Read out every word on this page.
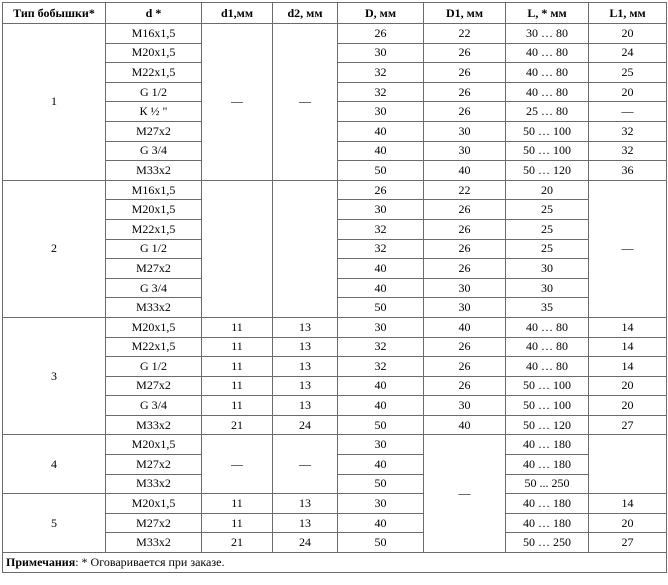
Тип бобышки*	d *	d1,мм	d2, мм	D, мм	D1, мм	L, * мм	L1, мм
1	M16x1,5	—	—	26	22	30 … 80	20
	M20x1,5			30	26	40 … 80	24
	M22x1,5			32	26	40 … 80	25
	G 1/2			32	26	40 … 80	20
	К ½ "			30	26	25 … 80	—
	M27x2			40	30	50 … 100	32
	G 3/4			40	30	50 … 100	32
	M33x2			50	40	50 … 120	36
2	M16x1,5			26	22	20	—
	M20x1,5			30	26	25	
	M22x1,5			32	26	25	
	G 1/2			32	26	25	
	M27x2			40	26	30	
	G 3/4			40	30	30	
	M33x2			50	30	35	
3	M20x1,5	11	13	30	40	40 … 80	14
	M22x1,5	11	13	32	26	40 … 80	14
	G 1/2	11	13	32	26	40 … 80	14
	M27x2	11	13	40	26	50 … 100	20
	G 3/4	11	13	40	30	50 … 100	20
	M33x2	21	24	50	40	50 … 120	27
4	M20x1,5	—	—	30	—	40 … 180	
	M27x2			40		40 … 180	
	M33x2			50		50 ... 250	
5	M20x1,5	11	13	30		40 … 180	14
	M27x2	11	13	40		40 … 180	20
	M33x2	21	24	50		50 … 250	27
Примечания: * Оговаривается при заказе.							
